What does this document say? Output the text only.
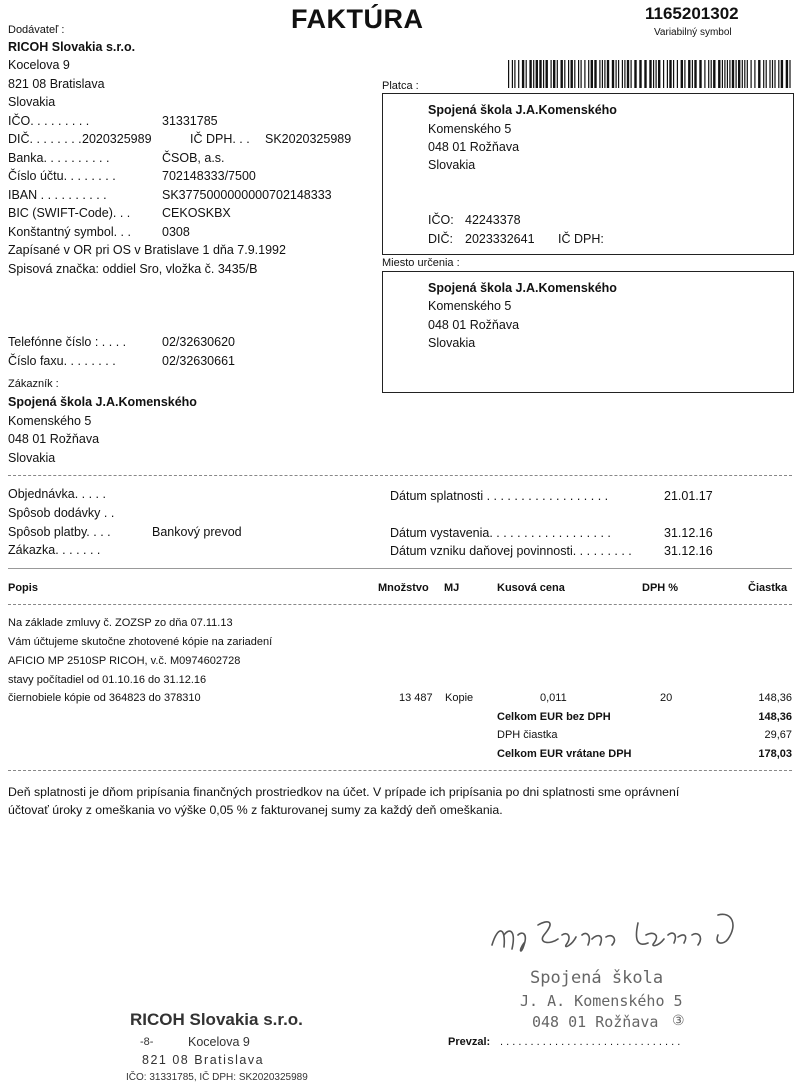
FAKTÚRA	1165201302
Variabilný symbol
Dodávateľ :
RICOH Slovakia s.r.o.
Kocelova 9
821 08 Bratislava
Slovakia
IČO. . . . . . . . .	31331785
DIČ. . . . . . . . 2020325989	IČ DPH. . . SK2020325989
Banka. . . . . . . . . .	ČSOB, a.s.
Číslo účtu. . . . . . . .	702148333/7500
IBAN . . . . . . . . . .	SK3775000000000702148333
BIC (SWIFT-Code). . .	CEKOSKBX
Konštantný symbol. . . 0308
Zapísané v OR pri OS v Bratislave 1 dňa 7.9.1992
Spisová značka: oddiel Sro, vložka č. 3435/B
Telefónne číslo : . . . .	02/32630620
Číslo faxu. . . . . . . .	02/32630661
Zákazník :
Spojená škola J.A.Komenského
Komenského 5
048 01 Rožňava
Slovakia
Platca :
Spojená škola J.A.Komenského
Komenského 5
048 01 Rožňava
Slovakia
IČO: 42243378
DIČ: 2023332641 IČ DPH:
Miesto určenia :
Spojená škola J.A.Komenského
Komenského 5
048 01 Rožňava
Slovakia
Objednávka. . . . .
Spôsob dodávky . .
Spôsob platby. . . .	Bankový prevod
Zákazka. . . . . . .
Dátum splatnosti . . . . . . . . . . . . . . . . . .	21.01.17
Dátum vystavenia. . . . . . . . . . . . . . . . . .	31.12.16
Dátum vzniku daňovej povinnosti. . . . . . . . .	31.12.16
Popis	Množstvo MJ	Kusová cena	DPH %	Čiastka
Na základe zmluvy č. ZOZSP zo dňa 07.11.13
Vám účtujeme skutočne zhotovené kópie na zariadení
AFICIO MP 2510SP RICOH, v.č. M0974602728
stavy počítadiel od 01.10.16 do 31.12.16
čiernobiele kópie od 364823 do 378310	13 487 Kopie	0,011	20	148,36
Celkom EUR bez DPH	148,36
DPH čiastka	29,67
Celkom EUR vrátane DPH	178,03
Deň splatnosti je dňom pripísania finančných prostriedkov na účet. V prípade ich pripísania po dni splatnosti sme oprávnení
účtovať úroky z omeškania vo výške 0,05 % z fakturovanej sumy za každý deň omeškania.
Spojená škola
J. A. Komenského 5
048 01 Rožňava ③
Prevzal: . . . . . . . . . . . . . . . . . . . . . . . . . . . . . .
RICOH Slovakia s.r.o.
-8-	Kocelova 9
821 08 Bratislava
IČO: 31331785, IČ DPH: SK2020325989
